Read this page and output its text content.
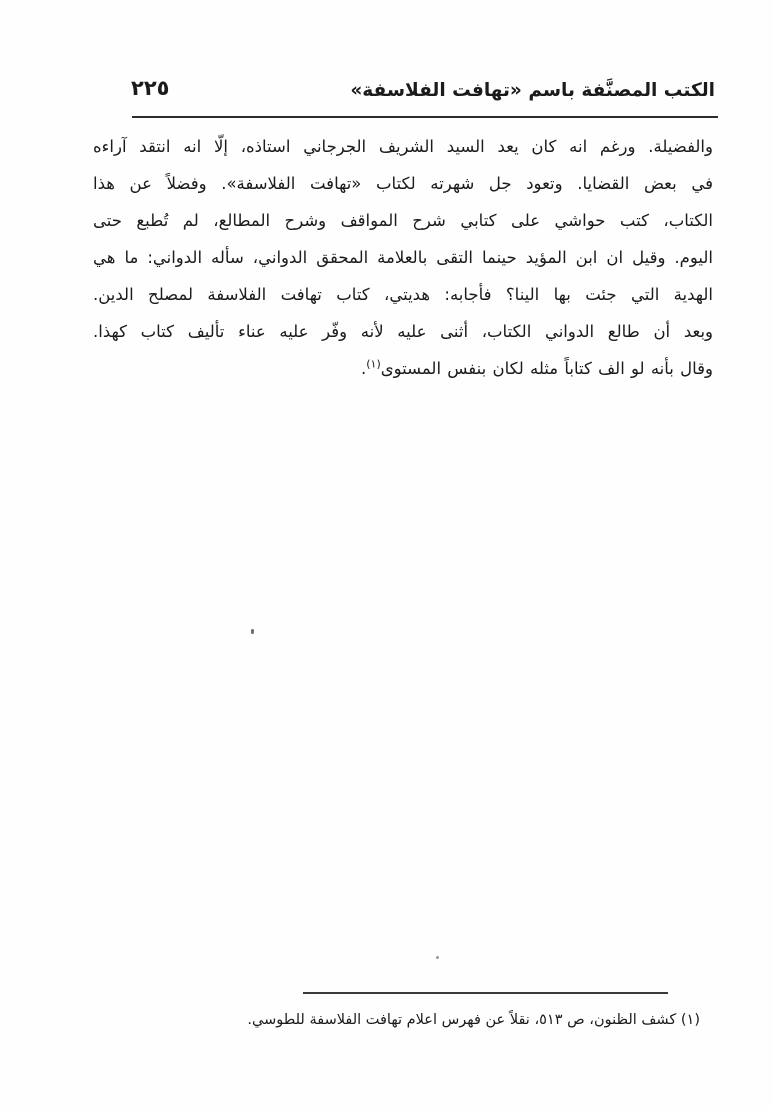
٢٢٥	الكتب المصنَّفة باسم «تهافت الفلاسفة»
والفضيلة. ورغم انه كان يعد السيد الشريف الجرجاني استاذه، إلّا انه انتقد آراءه
في بعض القضايا. وتعود جل شهرته لكتاب «تهافت الفلاسفة». وفضلاً عن هذا
الكتاب، كتب حواشي على كتابي شرح المواقف وشرح المطالع، لم تُطبع حتى
اليوم. وقيل ان ابن المؤيد حينما التقى بالعلامة المحقق الدواني، سأله الدواني: ما هي
الهدية التي جئت بها الينا؟ فأجابه: هديتي، كتاب تهافت الفلاسفة لمصلح الدين.
وبعد أن طالع الدواني الكتاب، أثنى عليه لأنه وفّر عليه عناء تأليف كتاب كهذا.
وقال بأنه لو الف كتاباً مثله لكان بنفس المستوى$^{(١)}$.
(١) كشف الظنون، ص ٥١٣، نقلاً عن فهرس اعلام تهافت الفلاسفة للطوسي.
